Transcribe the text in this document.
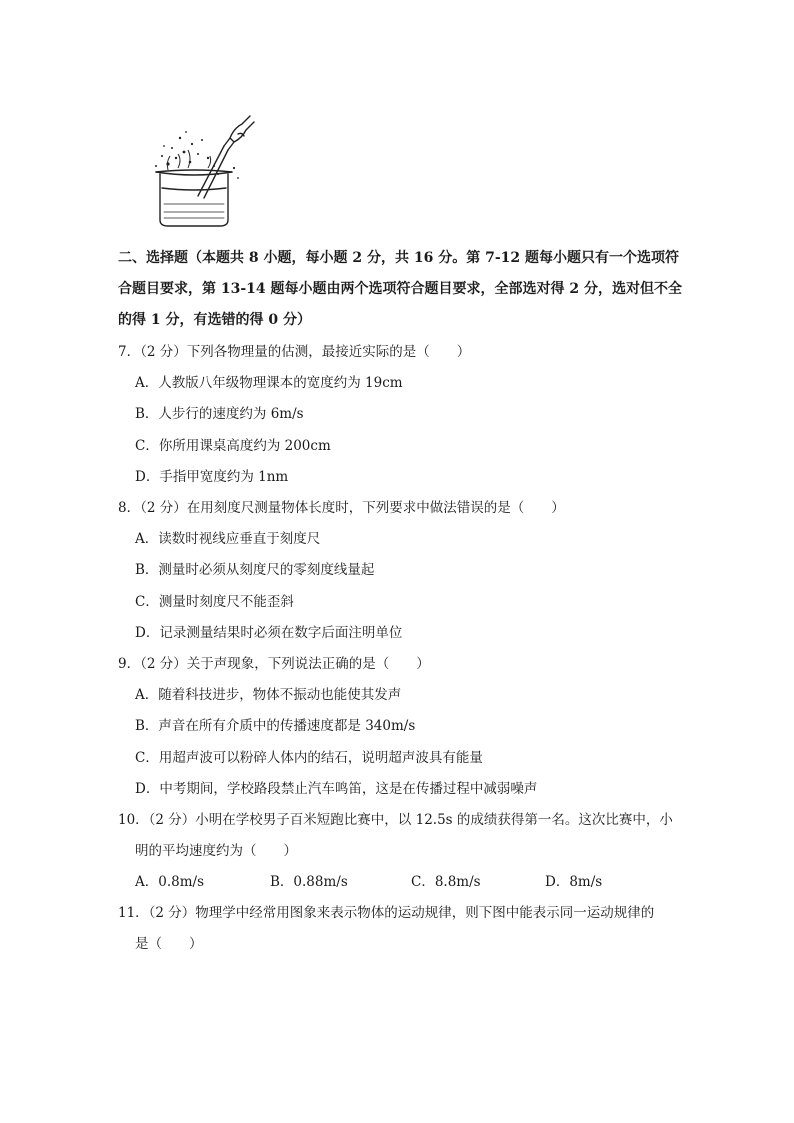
二、选择题（本题共 8 小题，每小题 2 分，共 16 分。第 7-12 题每小题只有一个选项符合题目要求，第 13-14 题每小题由两个选项符合题目要求，全部选对得 2 分，选对但不全的得 1 分，有选错的得 0 分）
7．（2 分）下列各物理量的估测，最接近实际的是（　　）
A．人教版八年级物理课本的宽度约为 19cm
B．人步行的速度约为 6m/s
C．你所用课桌高度约为 200cm
D．手指甲宽度约为 1nm
8．（2 分）在用刻度尺测量物体长度时，下列要求中做法错误的是（　　）
A．读数时视线应垂直于刻度尺
B．测量时必须从刻度尺的零刻度线量起
C．测量时刻度尺不能歪斜
D．记录测量结果时必须在数字后面注明单位
9．（2 分）关于声现象，下列说法正确的是（　　）
A．随着科技进步，物体不振动也能使其发声
B．声音在所有介质中的传播速度都是 340m/s
C．用超声波可以粉碎人体内的结石，说明超声波具有能量
D．中考期间，学校路段禁止汽车鸣笛，这是在传播过程中减弱噪声
10．（2 分）小明在学校男子百米短跑比赛中，以 12.5s 的成绩获得第一名。这次比赛中，小
明的平均速度约为（　　）
A．0.8m/s	B．0.88m/s	C．8.8m/s	D．8m/s
11．（2 分）物理学中经常用图象来表示物体的运动规律，则下图中能表示同一运动规律的
是（　　）
